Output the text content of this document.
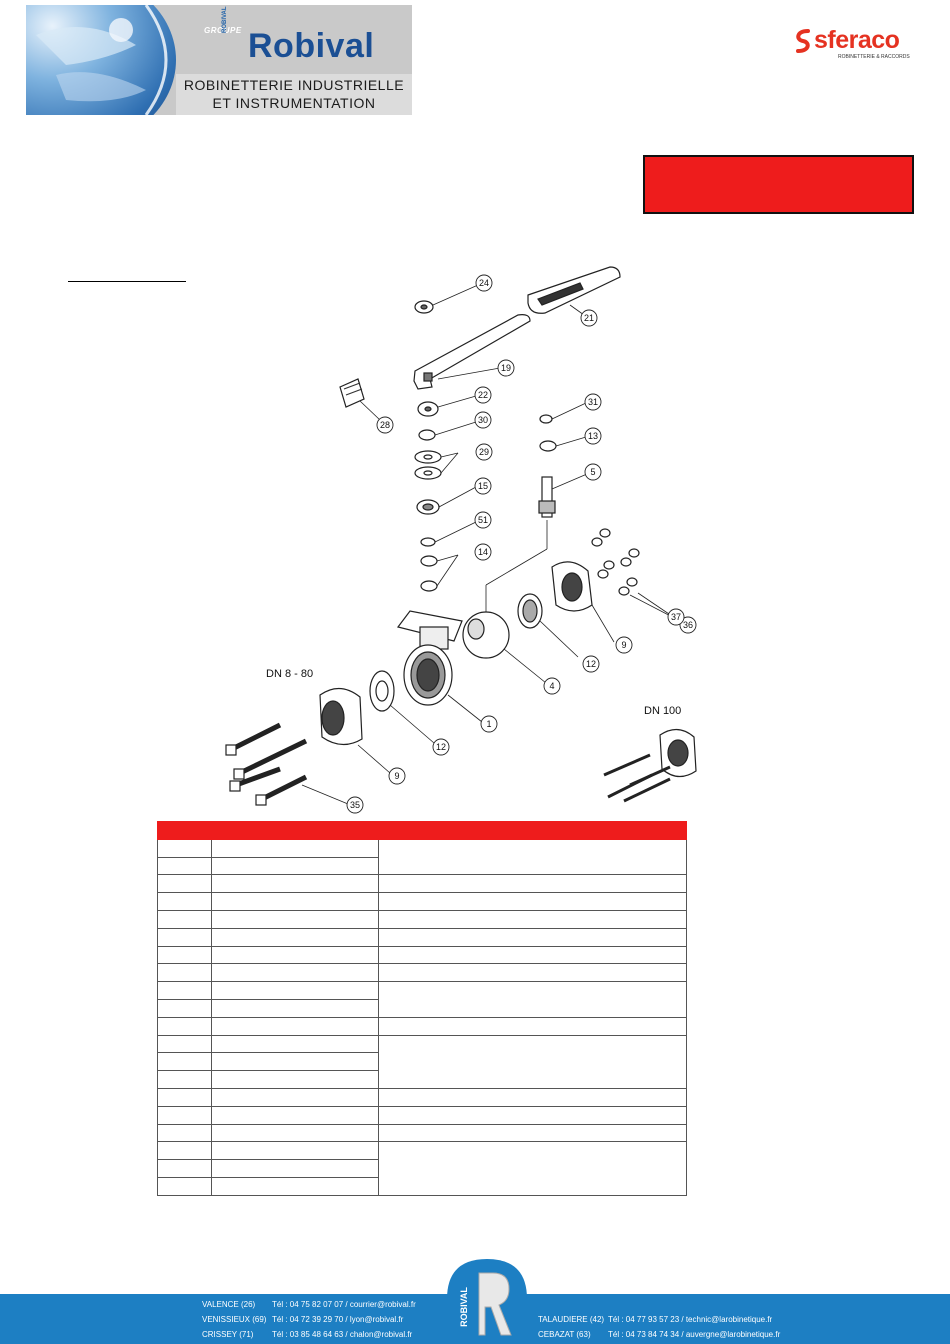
GROUPE
ROBIVAL
Robival
ROBINETTERIE INDUSTRIELLE
ET INSTRUMENTATION
sferaco
ROBINETTERIE & RACCORDS
24
21
19
22
28	30
29
15
31
13
5
51
14
4
12
9
36
37
1
12
9
35
DN 8 - 80
DN 100

VALENCE (26)
VENISSIEUX (69)
CRISSEY (71)
Tél : 04 75 82 07 07 / courrier@robival.fr
Tél : 04 72 39 29 70 / lyon@robival.fr
Tél : 03 85 48 64 63 / chalon@robival.fr
TALAUDIERE (42)
CEBAZAT (63)
Tél : 04 77 93 57 23 / technic@larobinetique.fr
Tél : 04 73 84 74 34 / auvergne@larobinetique.fr
ROBIVAL
